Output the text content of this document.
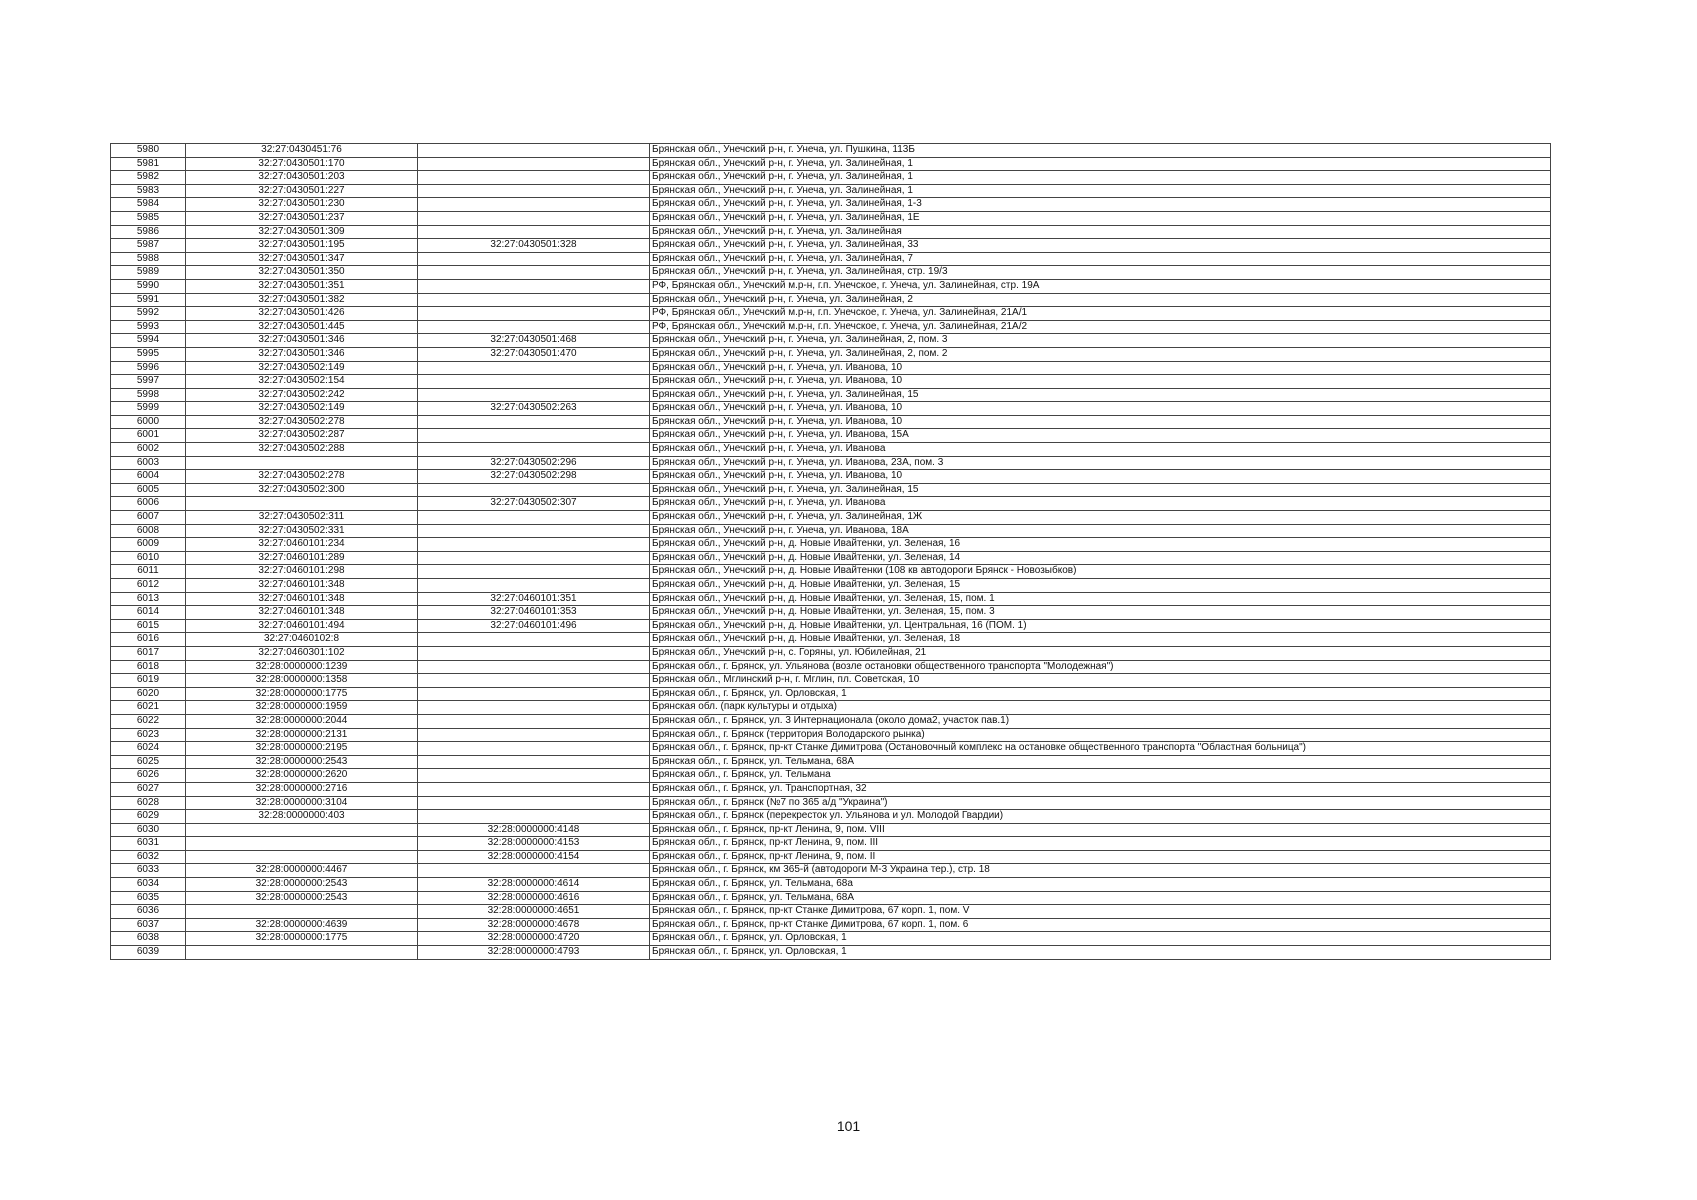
5980	32:27:0430451:76		Брянская обл., Унечский р-н, г. Унеча, ул. Пушкина, 113Б
5981	32:27:0430501:170		Брянская обл., Унечский р-н, г. Унеча, ул. Залинейная, 1
5982	32:27:0430501:203		Брянская обл., Унечский р-н, г. Унеча, ул. Залинейная, 1
5983	32:27:0430501:227		Брянская обл., Унечский р-н, г. Унеча, ул. Залинейная, 1
5984	32:27:0430501:230		Брянская обл., Унечский р-н, г. Унеча, ул. Залинейная, 1-3
5985	32:27:0430501:237		Брянская обл., Унечский р-н, г. Унеча, ул. Залинейная, 1Е
5986	32:27:0430501:309		Брянская обл., Унечский р-н, г. Унеча, ул. Залинейная
5987	32:27:0430501:195	32:27:0430501:328	Брянская обл., Унечский р-н, г. Унеча, ул. Залинейная, 33
5988	32:27:0430501:347		Брянская обл., Унечский р-н, г. Унеча, ул. Залинейная, 7
5989	32:27:0430501:350		Брянская обл., Унечский р-н, г. Унеча, ул. Залинейная, стр. 19/3
5990	32:27:0430501:351		РФ, Брянская обл., Унечский м.р-н, г.п. Унечское, г. Унеча, ул. Залинейная, стр. 19А
5991	32:27:0430501:382		Брянская обл., Унечский р-н, г. Унеча, ул. Залинейная, 2
5992	32:27:0430501:426		РФ, Брянская обл., Унечский м.р-н, г.п. Унечское, г. Унеча, ул. Залинейная, 21А/1
5993	32:27:0430501:445		РФ, Брянская обл., Унечский м.р-н, г.п. Унечское, г. Унеча, ул. Залинейная, 21А/2
5994	32:27:0430501:346	32:27:0430501:468	Брянская обл., Унечский р-н, г. Унеча, ул. Залинейная, 2, пом. 3
5995	32:27:0430501:346	32:27:0430501:470	Брянская обл., Унечский р-н, г. Унеча, ул. Залинейная, 2, пом. 2
5996	32:27:0430502:149		Брянская обл., Унечский р-н, г. Унеча, ул. Иванова, 10
5997	32:27:0430502:154		Брянская обл., Унечский р-н, г. Унеча, ул. Иванова, 10
5998	32:27:0430502:242		Брянская обл., Унечский р-н, г. Унеча, ул. Залинейная, 15
5999	32:27:0430502:149	32:27:0430502:263	Брянская обл., Унечский р-н, г. Унеча, ул. Иванова, 10
6000	32:27:0430502:278		Брянская обл., Унечский р-н, г. Унеча, ул. Иванова, 10
6001	32:27:0430502:287		Брянская обл., Унечский р-н, г. Унеча, ул. Иванова, 15А
6002	32:27:0430502:288		Брянская обл., Унечский р-н, г. Унеча, ул. Иванова
6003		32:27:0430502:296	Брянская обл., Унечский р-н, г. Унеча, ул. Иванова, 23А, пом. 3
6004	32:27:0430502:278	32:27:0430502:298	Брянская обл., Унечский р-н, г. Унеча, ул. Иванова, 10
6005	32:27:0430502:300		Брянская обл., Унечский р-н, г. Унеча, ул. Залинейная, 15
6006		32:27:0430502:307	Брянская обл., Унечский р-н, г. Унеча, ул. Иванова
6007	32:27:0430502:311		Брянская обл., Унечский р-н, г. Унеча, ул. Залинейная, 1Ж
6008	32:27:0430502:331		Брянская обл., Унечский р-н, г. Унеча, ул. Иванова, 18А
6009	32:27:0460101:234		Брянская обл., Унечский р-н, д. Новые Ивайтенки, ул. Зеленая, 16
6010	32:27:0460101:289		Брянская обл., Унечский р-н, д. Новые Ивайтенки, ул. Зеленая, 14
6011	32:27:0460101:298		Брянская обл., Унечский р-н, д. Новые Ивайтенки (108 кв автодороги Брянск - Новозыбков)
6012	32:27:0460101:348		Брянская обл., Унечский р-н, д. Новые Ивайтенки, ул. Зеленая, 15
6013	32:27:0460101:348	32:27:0460101:351	Брянская обл., Унечский р-н, д. Новые Ивайтенки, ул. Зеленая, 15, пом. 1
6014	32:27:0460101:348	32:27:0460101:353	Брянская обл., Унечский р-н, д. Новые Ивайтенки, ул. Зеленая, 15, пом. 3
6015	32:27:0460101:494	32:27:0460101:496	Брянская обл., Унечский р-н, д. Новые Ивайтенки, ул. Центральная, 16 (ПОМ. 1)
6016	32:27:0460102:8		Брянская обл., Унечский р-н, д. Новые Ивайтенки, ул. Зеленая, 18
6017	32:27:0460301:102		Брянская обл., Унечский р-н, с. Горяны, ул. Юбилейная, 21
6018	32:28:0000000:1239		Брянская обл., г. Брянск, ул. Ульянова (возле остановки общественного транспорта "Молодежная")
6019	32:28:0000000:1358		Брянская обл., Мглинский р-н, г. Мглин, пл. Советская, 10
6020	32:28:0000000:1775		Брянская обл., г. Брянск, ул. Орловская, 1
6021	32:28:0000000:1959		Брянская обл. (парк культуры и отдыха)
6022	32:28:0000000:2044		Брянская обл., г. Брянск, ул. 3 Интернационала (около дома2, участок пав.1)
6023	32:28:0000000:2131		Брянская обл., г. Брянск (территория Володарского рынка)
6024	32:28:0000000:2195		Брянская обл., г. Брянск, пр-кт Станке Димитрова (Остановочный комплекс на остановке общественного транспорта "Областная больница")
6025	32:28:0000000:2543		Брянская обл., г. Брянск, ул. Тельмана, 68А
6026	32:28:0000000:2620		Брянская обл., г. Брянск, ул. Тельмана
6027	32:28:0000000:2716		Брянская обл., г. Брянск, ул. Транспортная, 32
6028	32:28:0000000:3104		Брянская обл., г. Брянск (№7 по 365 а/д "Украина")
6029	32:28:0000000:403		Брянская обл., г. Брянск (перекресток ул. Ульянова и ул. Молодой Гвардии)
6030		32:28:0000000:4148	Брянская обл., г. Брянск, пр-кт Ленина, 9, пом. VIII
6031		32:28:0000000:4153	Брянская обл., г. Брянск, пр-кт Ленина, 9, пом. III
6032		32:28:0000000:4154	Брянская обл., г. Брянск, пр-кт Ленина, 9, пом. II
6033	32:28:0000000:4467		Брянская обл., г. Брянск, км 365-й (автодороги М-3 Украина тер.), стр. 18
6034	32:28:0000000:2543	32:28:0000000:4614	Брянская обл., г. Брянск, ул. Тельмана, 68а
6035	32:28:0000000:2543	32:28:0000000:4616	Брянская обл., г. Брянск, ул. Тельмана, 68А
6036		32:28:0000000:4651	Брянская обл., г. Брянск, пр-кт Станке Димитрова, 67 корп. 1, пом. V
6037	32:28:0000000:4639	32:28:0000000:4678	Брянская обл., г. Брянск, пр-кт Станке Димитрова, 67 корп. 1, пом. 6
6038	32:28:0000000:1775	32:28:0000000:4720	Брянская обл., г. Брянск, ул. Орловская, 1
6039		32:28:0000000:4793	Брянская обл., г. Брянск, ул. Орловская, 1
101
